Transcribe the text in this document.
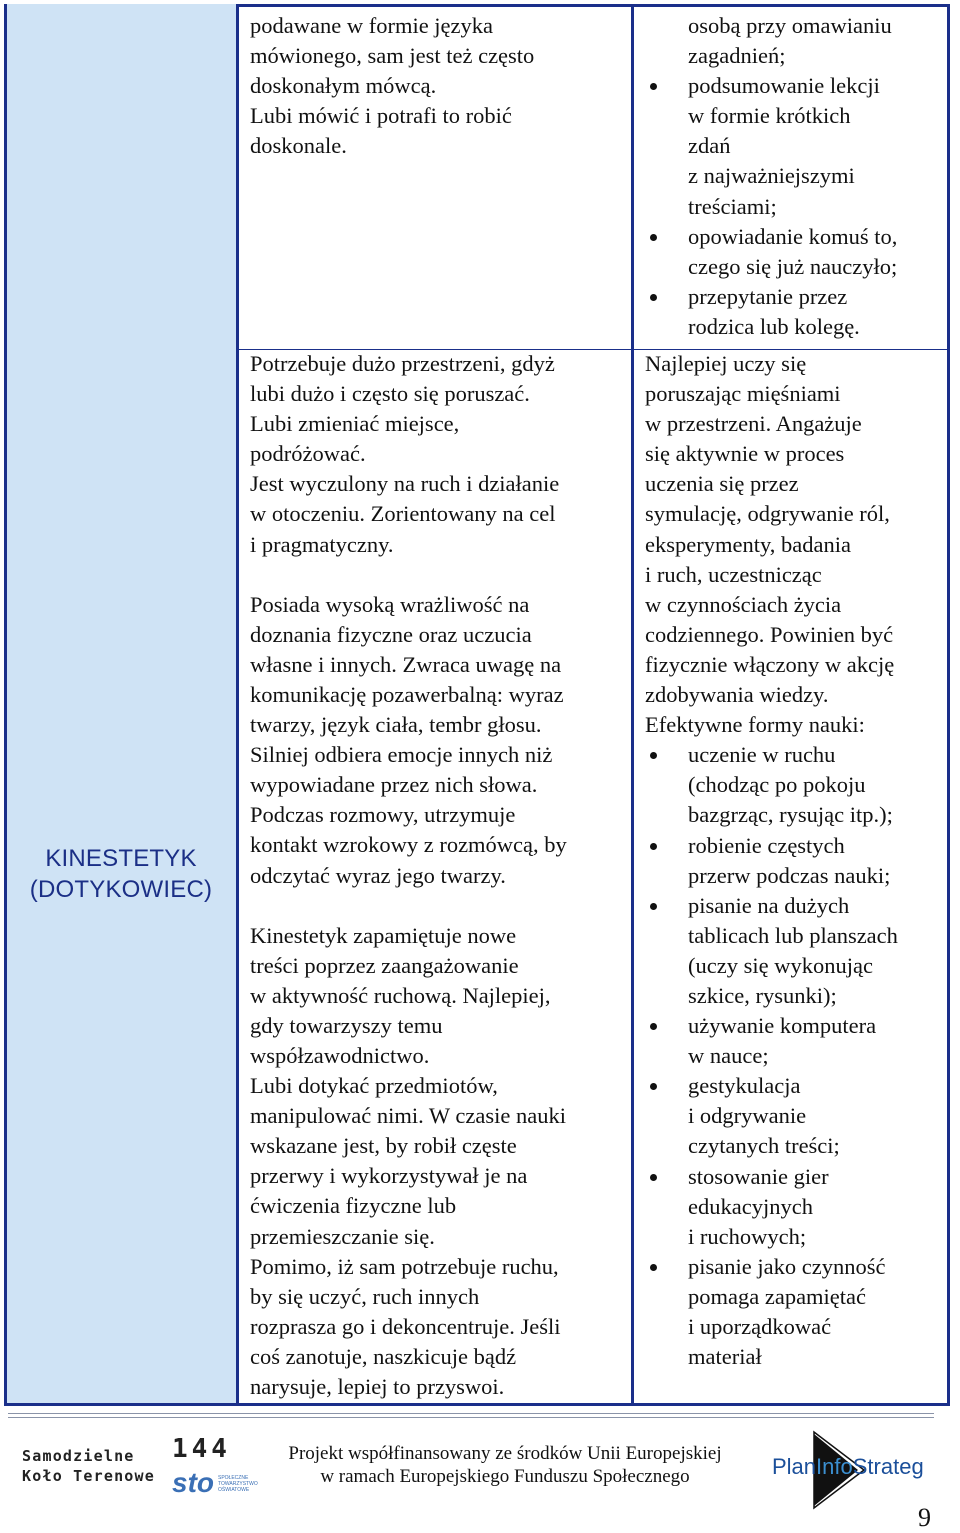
KINESTETYK
(DOTYKOWIEC)

podawane w formie języka

mówionego, sam jest też często

doskonałym mówcą.

Lubi mówić i potrafi to robić

doskonale.

osobą przy omawianiu

zagadnień;

podsumowanie lekcji

w formie krótkich

zdań

z najważniejszymi

treściami;

opowiadanie komuś to,

czego się już nauczyło;

przepytanie przez

rodzica lub kolegę.

Potrzebuje dużo przestrzeni, gdyż

lubi dużo i często się poruszać.

Lubi zmieniać miejsce,

podróżować.

Jest wyczulony na ruch i działanie

w otoczeniu. Zorientowany na cel

i pragmatyczny.

Posiada wysoką wrażliwość na

doznania fizyczne oraz uczucia

własne i innych. Zwraca uwagę na

komunikację pozawerbalną: wyraz

twarzy, język ciała, tembr głosu.

Silniej odbiera emocje innych niż

wypowiadane przez nich słowa.

Podczas rozmowy, utrzymuje

kontakt wzrokowy z rozmówcą, by

odczytać wyraz jego twarzy.

Kinestetyk zapamiętuje nowe

treści poprzez zaangażowanie

w aktywność ruchową. Najlepiej,

gdy towarzyszy temu

współzawodnictwo.

Lubi dotykać przedmiotów,

manipulować nimi. W czasie nauki

wskazane jest, by robił częste

przerwy i wykorzystywał je na

ćwiczenia fizyczne lub

przemieszczanie się.

Pomimo, iż sam potrzebuje ruchu,

by się uczyć, ruch innych

rozprasza go i dekoncentruje. Jeśli

coś zanotuje, naszkicuje bądź

narysuje, lepiej to przyswoi.

Najlepiej uczy się

poruszając mięśniami

w przestrzeni. Angażuje

się aktywnie w proces

uczenia się przez

symulację, odgrywanie ról,

eksperymenty, badania

i ruch, uczestnicząc

w czynnościach życia

codziennego. Powinien być

fizycznie włączony w akcję

zdobywania wiedzy.

Efektywne formy nauki:

uczenie w ruchu

(chodząc po pokoju

bazgrząc, rysując itp.);

robienie częstych

przerw podczas nauki;

pisanie na dużych

tablicach lub planszach

(uczy się wykonując

szkice, rysunki);

używanie komputera

w nauce;

gestykulacja

i odgrywanie

czytanych treści;

stosowanie gier

edukacyjnych

i ruchowych;

pisanie jako czynność

pomaga zapamiętać

i uporządkować

materiał

Samodzielne
Koło Terenowe
144
sto SPOŁECZNE
TOWARZYSTWO
OŚWIATOWE
Projekt współfinansowany ze środków Unii Europejskiej
w ramach Europejskiego Funduszu Społecznego	PlanInfoStrateg
9
